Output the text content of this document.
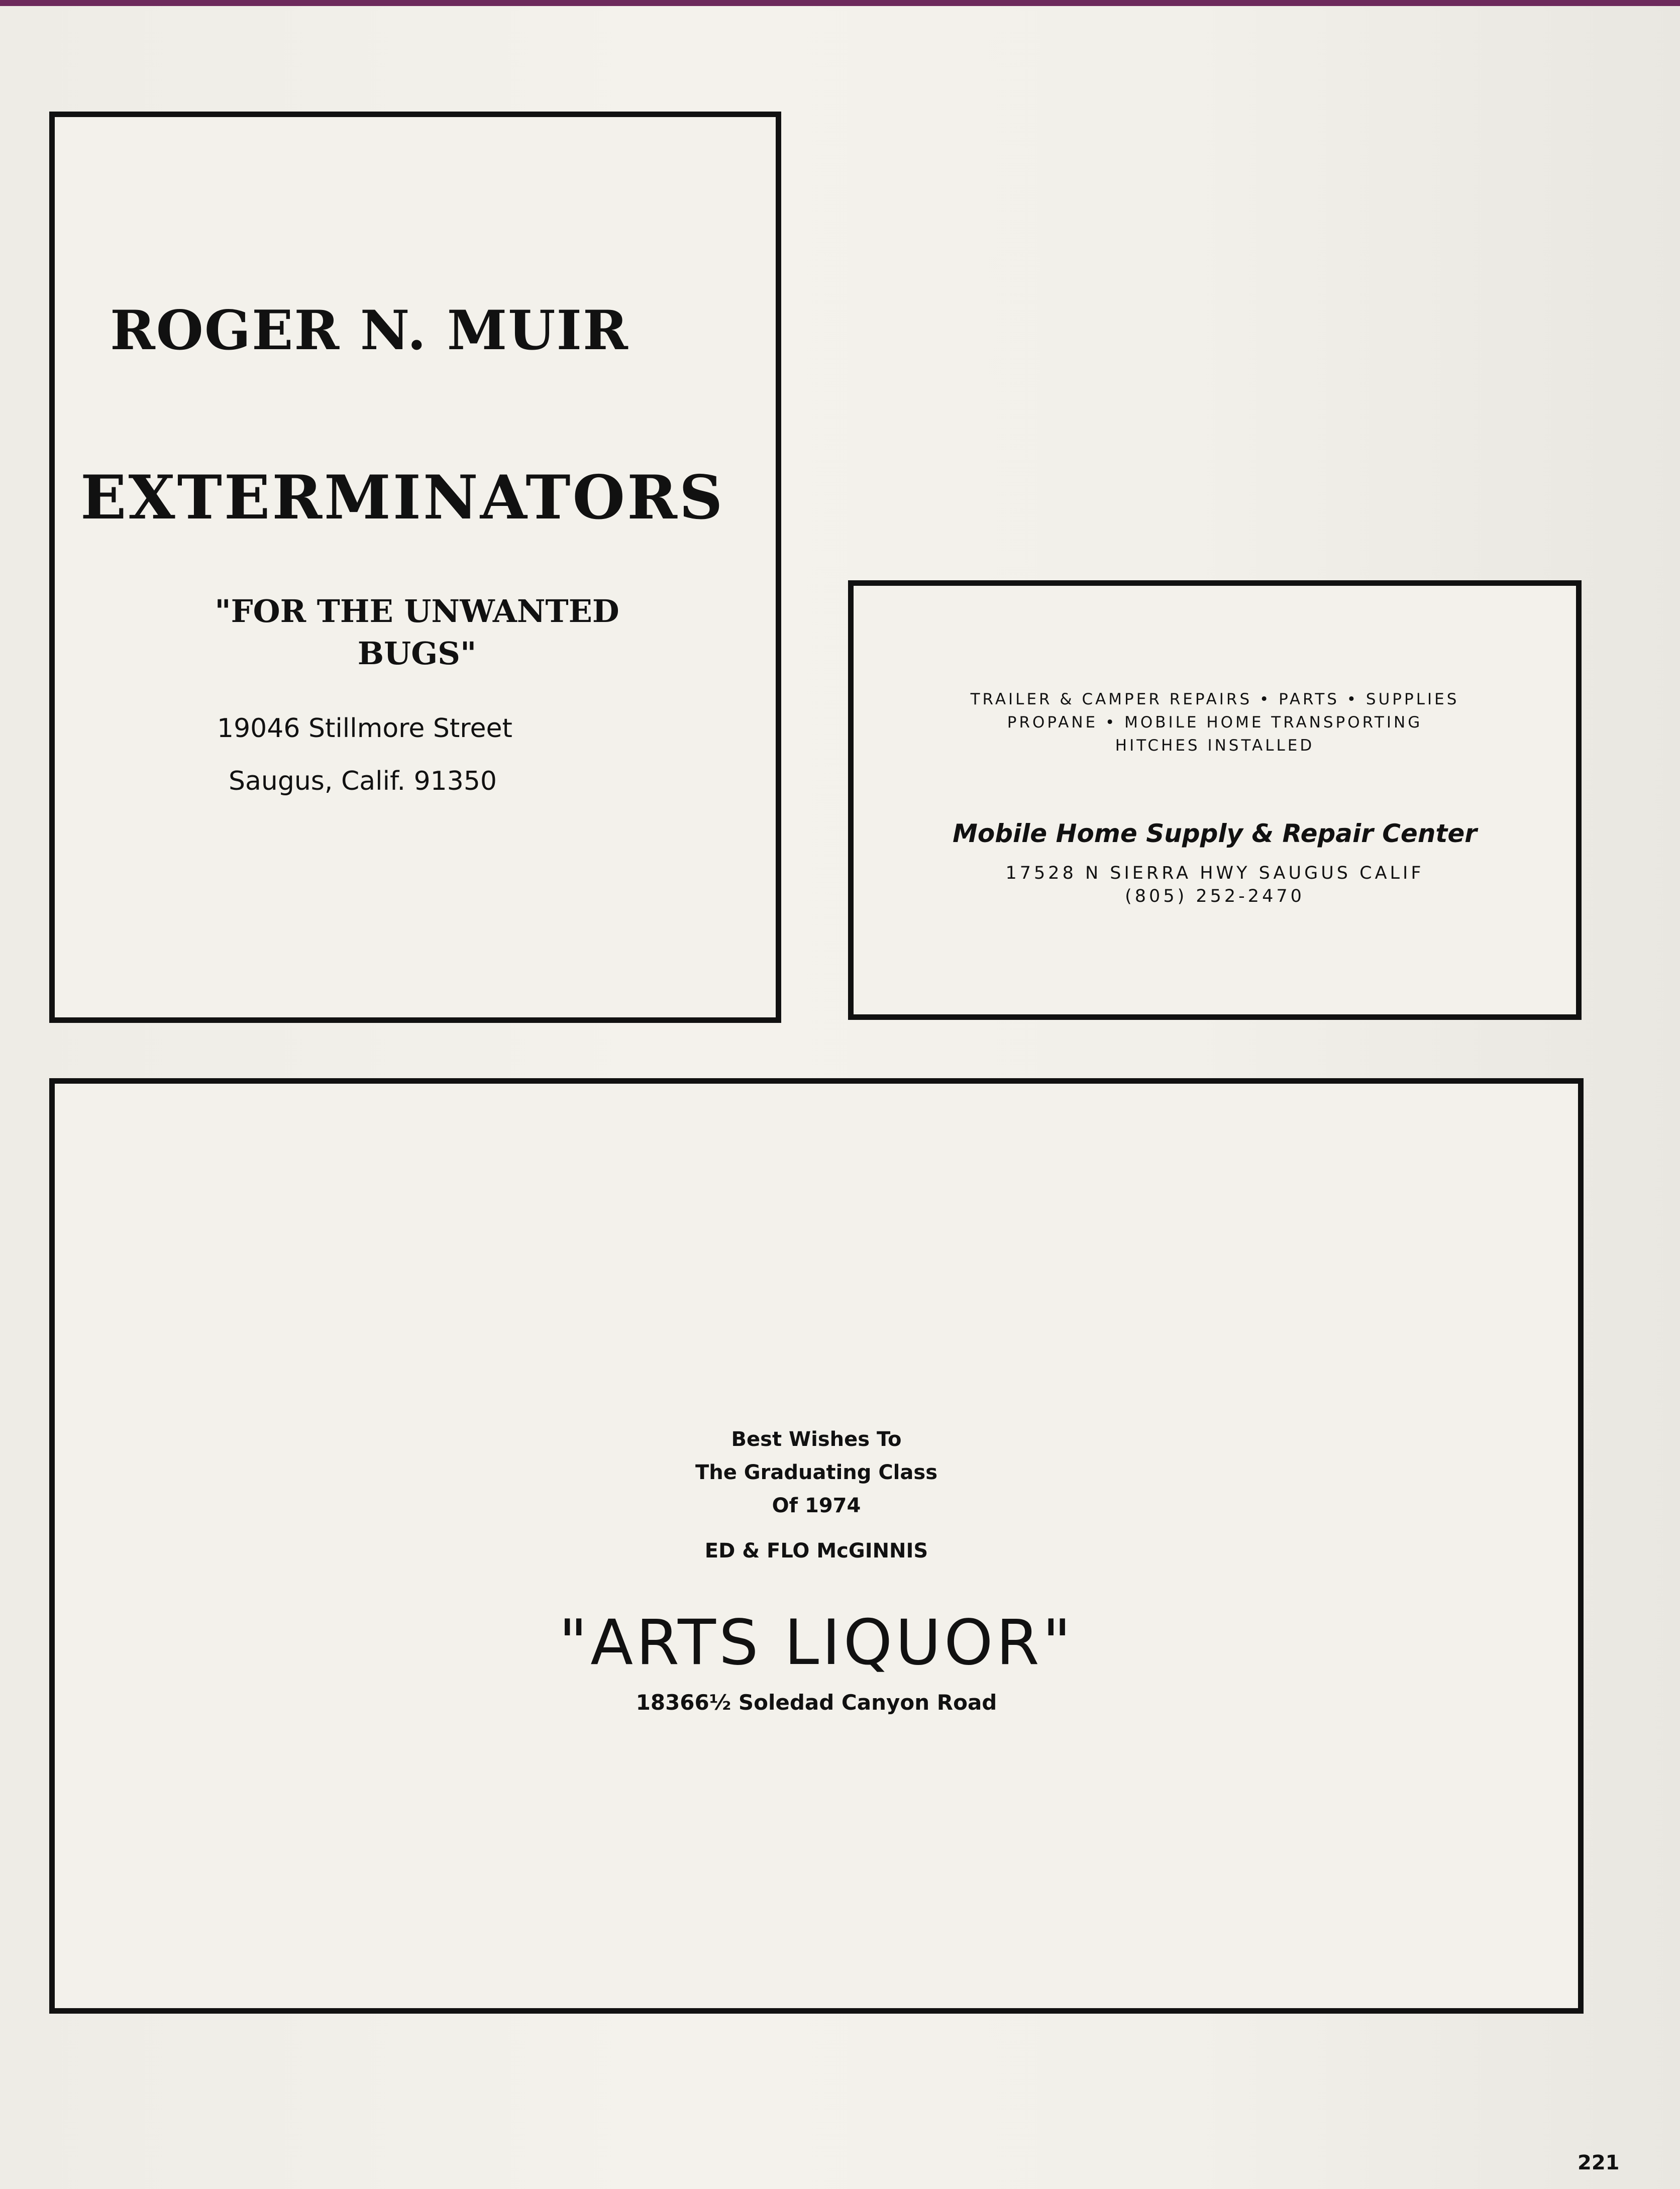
ROGER N. MUIR
EXTERMINATORS
"FOR THE UNWANTED BUGS"
19046 Stillmore Street
Saugus, Calif. 91350
TRAILER & CAMPER REPAIRS • PARTS • SUPPLIES
PROPANE • MOBILE HOME TRANSPORTING
HITCHES INSTALLED
Mobile Home Supply & Repair Center
17528 N SIERRA HWY SAUGUS CALIF
(805) 252-2470
Best Wishes To
The Graduating Class
Of 1974
ED & FLO McGINNIS
"ARTS LIQUOR"
18366½ Soledad Canyon Road
221
